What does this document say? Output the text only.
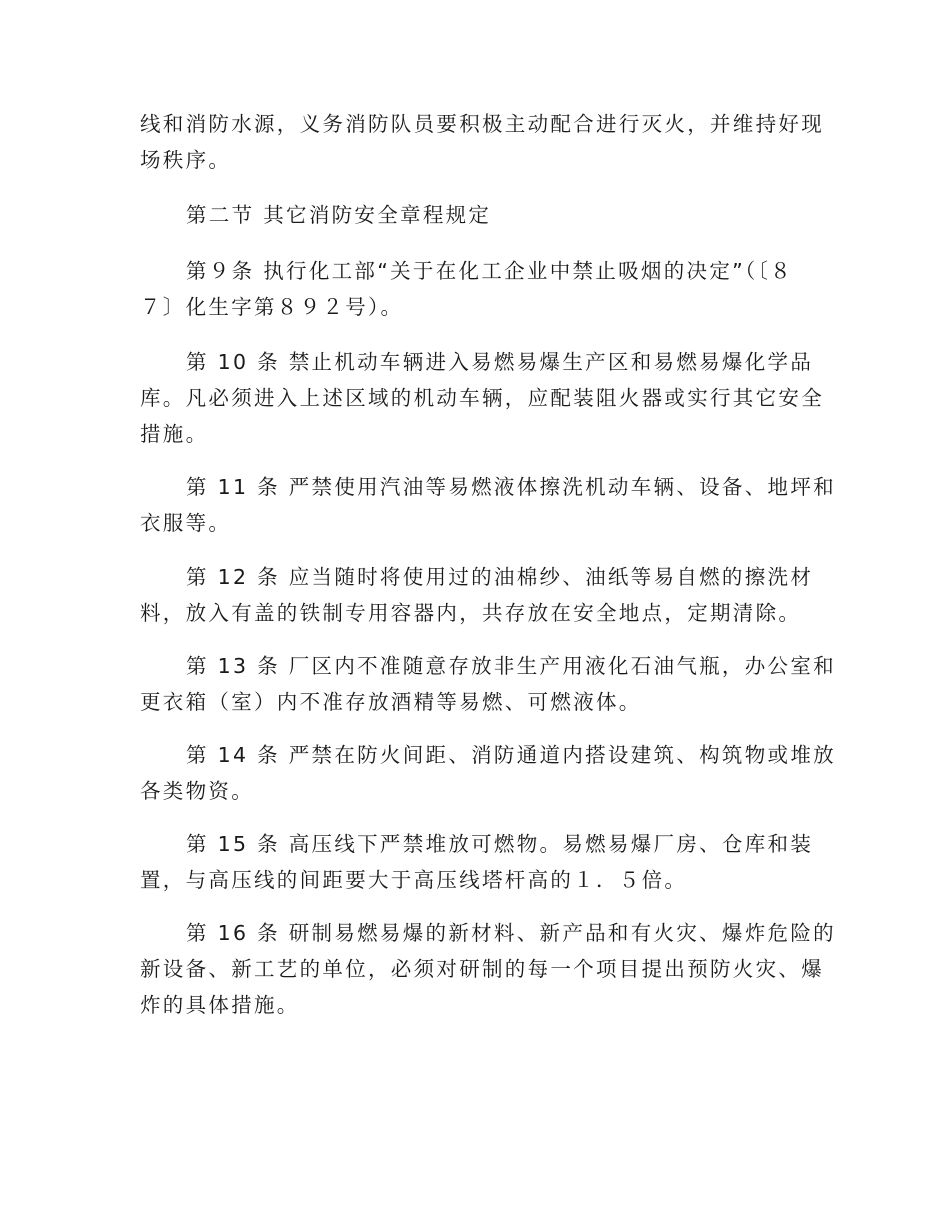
线和消防水源，义务消防队员要积极主动配合进行灭火，并维持好现
场秩序。

第二节 其它消防安全章程规定

第９条 执行化工部“关于在化工企业中禁止吸烟的决定”（〔８
７〕化生字第８９２号）。

第 10 条 禁止机动车辆进入易燃易爆生产区和易燃易爆化学品
库。凡必须进入上述区域的机动车辆，应配装阻火器或实行其它安全
措施。

第 11 条 严禁使用汽油等易燃液体擦洗机动车辆、设备、地坪和
衣服等。

第 12 条 应当随时将使用过的油棉纱、油纸等易自燃的擦洗材
料，放入有盖的铁制专用容器内，共存放在安全地点，定期清除。

第 13 条 厂区内不准随意存放非生产用液化石油气瓶，办公室和
更衣箱（室）内不准存放酒精等易燃、可燃液体。

第 14 条 严禁在防火间距、消防通道内搭设建筑、构筑物或堆放
各类物资。

第 15 条 高压线下严禁堆放可燃物。易燃易爆厂房、仓库和装
置，与高压线的间距要大于高压线塔杆高的１．５倍。

第 16 条 研制易燃易爆的新材料、新产品和有火灾、爆炸危险的
新设备、新工艺的单位，必须对研制的每一个项目提出预防火灾、爆
炸的具体措施。
